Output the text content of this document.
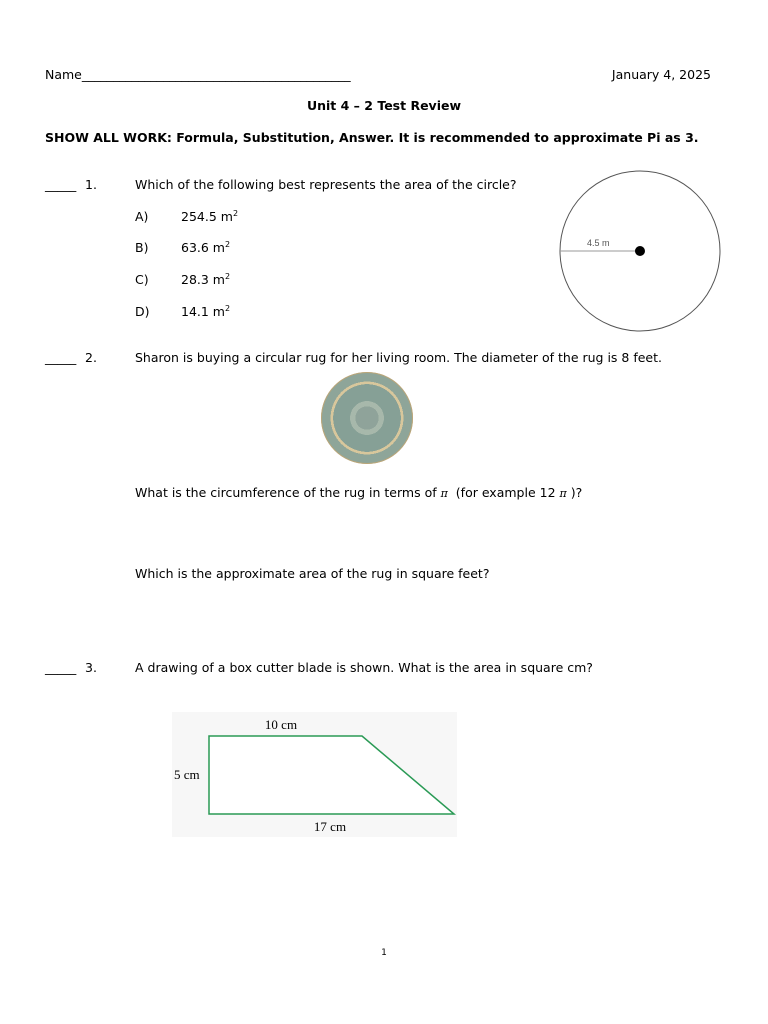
Name___________________________________________	January 4, 2025
Unit 4 – 2 Test Review
SHOW ALL WORK: Formula, Substitution, Answer. It is recommended to approximate Pi as 3.
_____ 1.	Which of the following best represents the area of the circle?
A)	254.5 $m^2$
B)	63.6 $m^2$
C)	28.3 $m^2$
D)	14.1 $m^2$
4.5 m
_____ 2.	Sharon is buying a circular rug for her living room. The diameter of the rug is 8 feet.
What is the circumference of the rug in terms of π (for example 12 π )?
Which is the approximate area of the rug in square feet?
_____ 3.	A drawing of a box cutter blade is shown. What is the area in square cm?
10 cm
5 cm
17 cm
1
